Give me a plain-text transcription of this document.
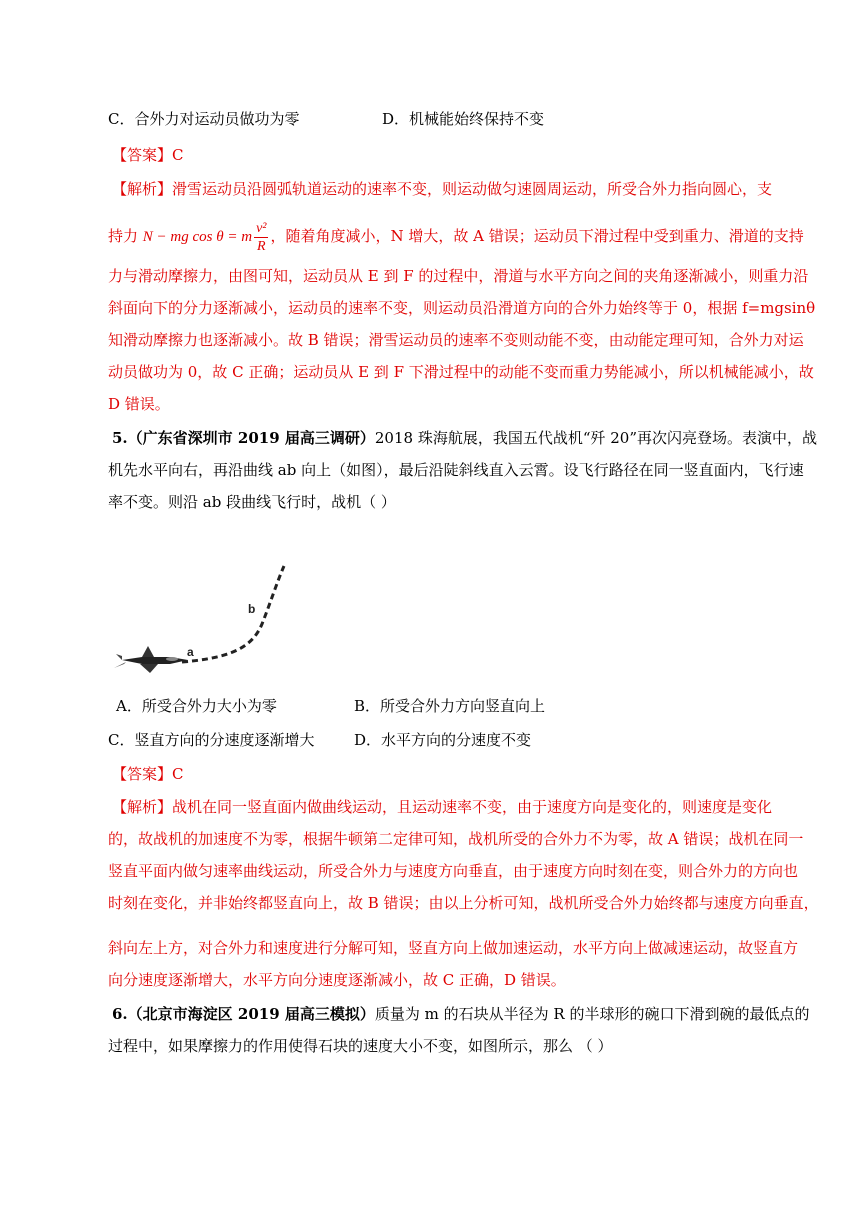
C．合外力对运动员做功为零	D．机械能始终保持不变
【答案】C
【解析】滑雪运动员沿圆弧轨道运动的速率不变，则运动做匀速圆周运动，所受合外力指向圆心，支
持力 N − mg cos θ = m $\frac{\text{v²}}{R}$ ，随着角度减小，N 增大，故 A 错误；运动员下滑过程中受到重力、滑道的支持
力与滑动摩擦力，由图可知，运动员从 E 到 F 的过程中，滑道与水平方向之间的夹角逐渐减小，则重力沿
斜面向下的分力逐渐减小，运动员的速率不变，则运动员沿滑道方向的合外力始终等于 0，根据 f=mgsinθ
知滑动摩擦力也逐渐减小。故 B 错误；滑雪运动员的速率不变则动能不变，由动能定理可知，合外力对运
动员做功为 0，故 C 正确；运动员从 E 到 F 下滑过程中的动能不变而重力势能减小，所以机械能减小，故
D 错误。
5.（广东省深圳市 2019 届高三调研）2018 珠海航展，我国五代战机“歼 20”再次闪亮登场。表演中，战
机先水平向右，再沿曲线 ab 向上（如图），最后沿陡斜线直入云霄。设飞行路径在同一竖直面内，飞行速
率不变。则沿 ab 段曲线飞行时，战机（ ）
a
b
A．所受合外力大小为零	B．所受合外力方向竖直向上
C．竖直方向的分速度逐渐增大	D．水平方向的分速度不变
【答案】C
【解析】战机在同一竖直面内做曲线运动，且运动速率不变，由于速度方向是变化的，则速度是变化
的，故战机的加速度不为零，根据牛顿第二定律可知，战机所受的合外力不为零，故 A 错误；战机在同一
竖直平面内做匀速率曲线运动，所受合外力与速度方向垂直，由于速度方向时刻在变，则合外力的方向也
时刻在变化，并非始终都竖直向上，故 B 错误；由以上分析可知，战机所受合外力始终都与速度方向垂直，
斜向左上方，对合外力和速度进行分解可知，竖直方向上做加速运动，水平方向上做减速运动，故竖直方
向分速度逐渐增大，水平方向分速度逐渐减小，故 C 正确，D 错误。
6.（北京市海淀区 2019 届高三模拟）质量为 m 的石块从半径为 R 的半球形的碗口下滑到碗的最低点的
过程中，如果摩擦力的作用使得石块的速度大小不变，如图所示，那么 （ ）
